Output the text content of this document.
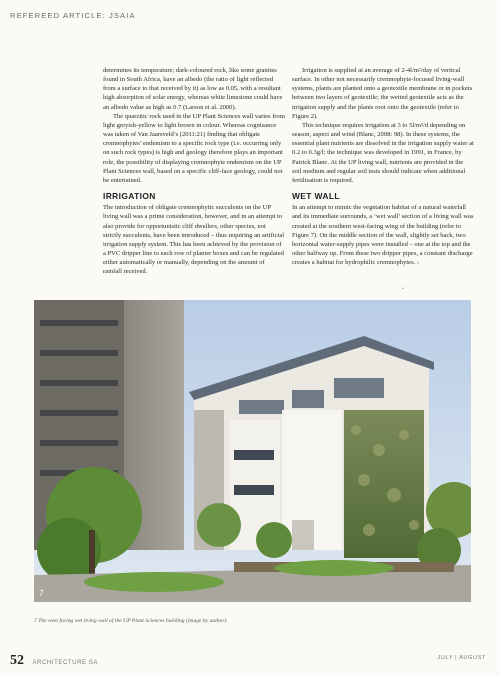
REFEREED ARTICLE: JSAIA

determines its temperature; dark-coloured rock, like some granites found in South Africa, have an albedo (the ratio of light reflected from a surface to that received by it) as low as 0.05, with a resultant high absorption of solar energy, whereas white limestone could have an albedo value as high as 0.7 (Larson et al. 2000).

The quarzitic rock used in the UP Plant Sciences wall varies from light greyish-yellow to light brown in colour. Whereas cognisance was taken of Van Jaarsveld’s (2011:21) finding that obligate cremnophytes’ endemism to a specific rock type (i.e. occurring only on such rock types) is high and geology therefore plays an important role, the possibility of displaying cremnophyte endemism on the UP Plant Sciences wall, based on a specific cliff-face geology, could not be entertained.

IRRIGATION

The introduction of obligate cremnophytic succulents on the UP living wall was a prime consideration, however, and in an attempt to also provide for opportunistic cliff dwellers, other species, not strictly succulents, have been introduced – thus requiring an artificial irrigation supply system. This has been achieved by the provision of a PVC dripper line to each row of planter boxes and can be regulated either automatically or manually, depending on the amount of rainfall received.

Irrigation is supplied at an average of 2-4l/m²/day of vertical surface. In other not necessarily cremnophyte-focused living-wall systems, plants are planted onto a geotextile membrane or in pockets between two layers of geotextile; the wetted geotextile acts as the irrigation supply and the plants root onto the geotextile (refer to Figure 2).

This technique requires irrigation at 3 to 5l/m²/d depending on season, aspect and wind (Blanc, 2008: 98). In these systems, the essential plant nutrients are dissolved in the irrigation supply water at 0.2 to 0.3g/l; the technique was developed in 1991, in France, by Patrick Blanc. At the UP living wall, nutrients are provided in the soil medium and regular soil tests should indicate when additional fertilisation is required.

WET WALL

In an attempt to mimic the vegetation habitat of a natural waterfall and its immediate surrounds, a ‘wet wall’ section of a living wall was created at the southern west-facing wing of the building (refer to Figure 7). On the middle section of the wall, slightly set back, two horizontal water-supply pipes were installed – one at the top and the other halfway up. From these two dripper pipes, a constant discharge creates a habitat for hydrophilic cremnophytes. ›

ᐢ
7
7 The west facing wet living wall of the UP Plant Sciences building (image by author).
52 ARCHITECTURE SA
JULY | AUGUST
